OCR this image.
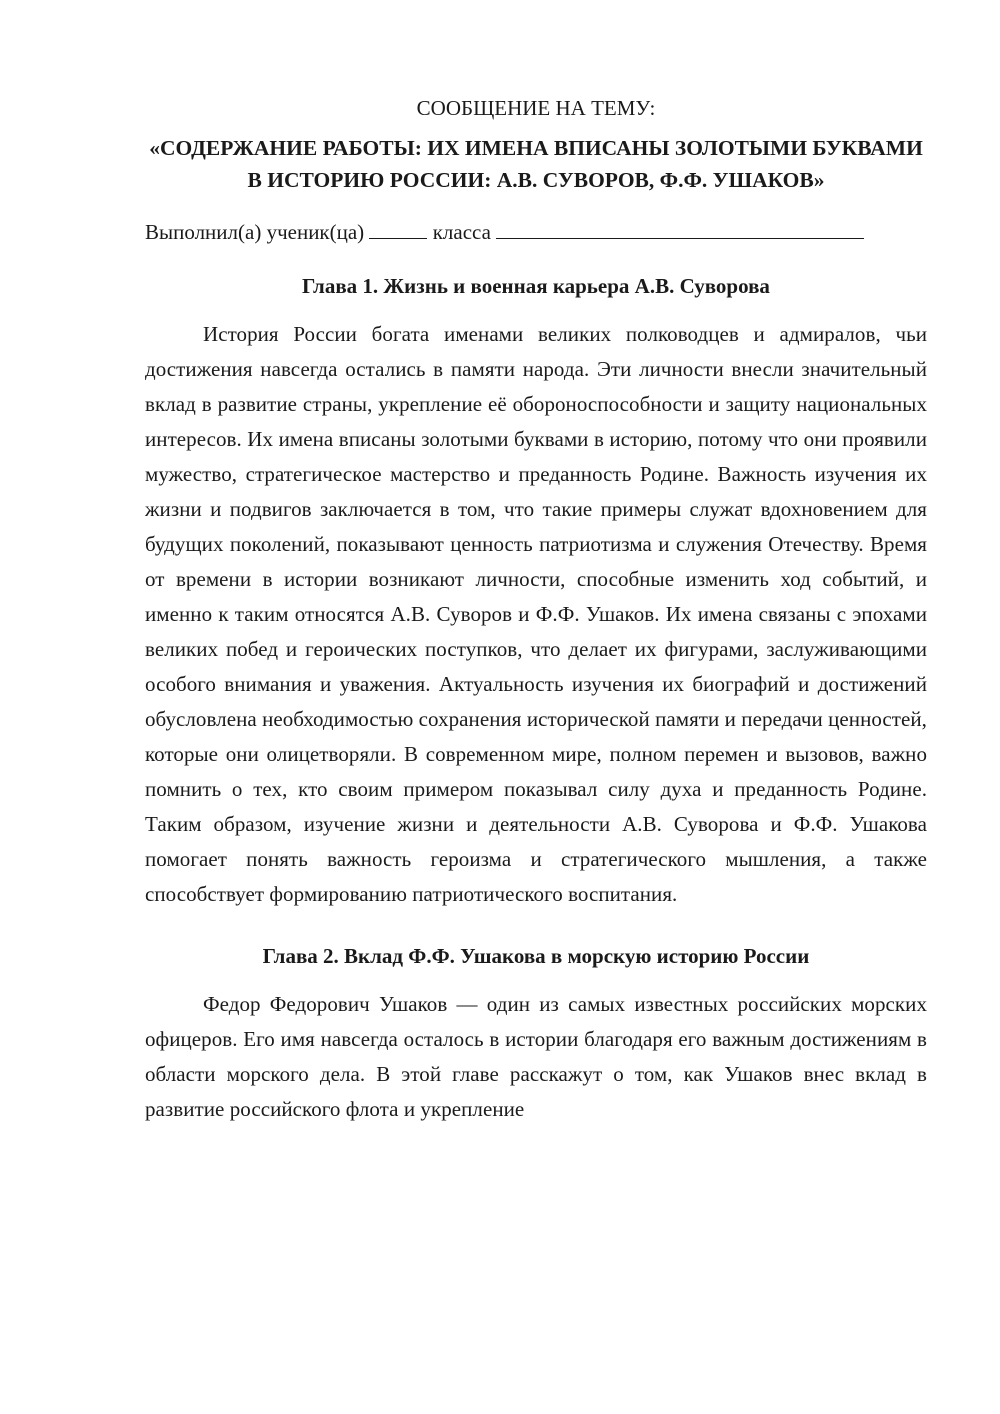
СООБЩЕНИЕ НА ТЕМУ:

«СОДЕРЖАНИЕ РАБОТЫ: ИХ ИМЕНА ВПИСАНЫ ЗОЛОТЫМИ БУКВАМИ В ИСТОРИЮ РОССИИ: А.В. СУВОРОВ, Ф.Ф. УШАКОВ»

Выполнил(а) ученик(ца)	класса

Глава 1. Жизнь и военная карьера А.В. Суворова

История России богата именами великих полководцев и адмиралов, чьи достижения навсегда остались в памяти народа. Эти личности внесли значительный вклад в развитие страны, укрепление её обороноспособности и защиту национальных интересов. Их имена вписаны золотыми буквами в историю, потому что они проявили мужество, стратегическое мастерство и преданность Родине. Важность изучения их жизни и подвигов заключается в том, что такие примеры служат вдохновением для будущих поколений, показывают ценность патриотизма и служения Отечеству. Время от времени в истории возникают личности, способные изменить ход событий, и именно к таким относятся А.В. Суворов и Ф.Ф. Ушаков. Их имена связаны с эпохами великих побед и героических поступков, что делает их фигурами, заслуживающими особого внимания и уважения. Актуальность изучения их биографий и достижений обусловлена необходимостью сохранения исторической памяти и передачи ценностей, которые они олицетворяли. В современном мире, полном перемен и вызовов, важно помнить о тех, кто своим примером показывал силу духа и преданность Родине. Таким образом, изучение жизни и деятельности А.В. Суворова и Ф.Ф. Ушакова помогает понять важность героизма и стратегического мышления, а также способствует формированию патриотического воспитания.

Глава 2. Вклад Ф.Ф. Ушакова в морскую историю России

Федор Федорович Ушаков — один из самых известных российских морских офицеров. Его имя навсегда осталось в истории благодаря его важным достижениям в области морского дела. В этой главе расскажут о том, как Ушаков внес вклад в развитие российского флота и укрепление
